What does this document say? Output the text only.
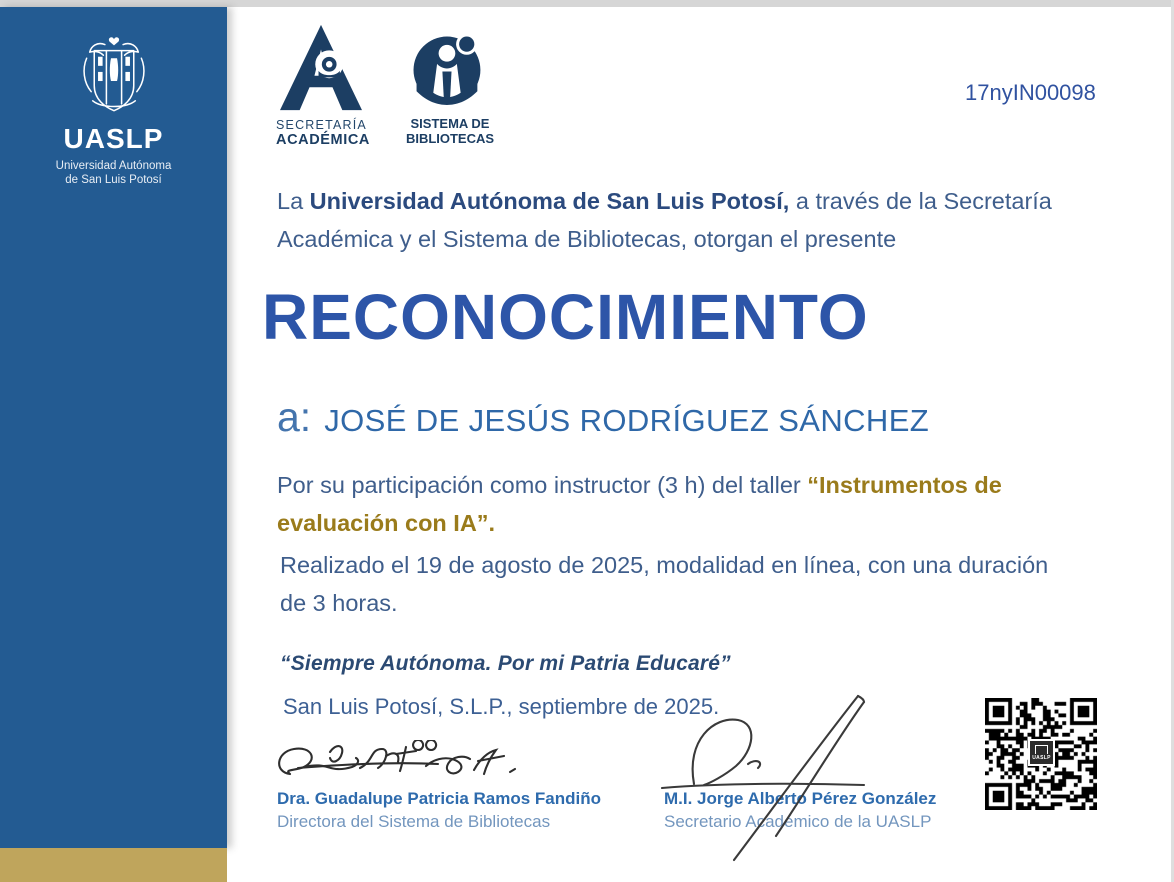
UASLP
Universidad Autónoma
de San Luis Potosí
SECRETARÍA
ACADÉMICA
SISTEMA DE
BIBLIOTECAS
17nyIN00098
La Universidad Autónoma de San Luis Potosí, a través de la Secretaría
Académica y el Sistema de Bibliotecas, otorgan el presente
RECONOCIMIENTO
a: JOSÉ DE JESÚS RODRÍGUEZ SÁNCHEZ
Por su participación como instructor (3 h) del taller “Instrumentos de
evaluación con IA”.
Realizado el 19 de agosto de 2025, modalidad en línea, con una duración
de 3 horas.
“Siempre Autónoma. Por mi Patria Educaré”
San Luis Potosí, S.L.P., septiembre de 2025.
Dra. Guadalupe Patricia Ramos Fandiño
Directora del Sistema de Bibliotecas
M.I. Jorge Alberto Pérez González
Secretario Académico de la UASLP
UASLP
